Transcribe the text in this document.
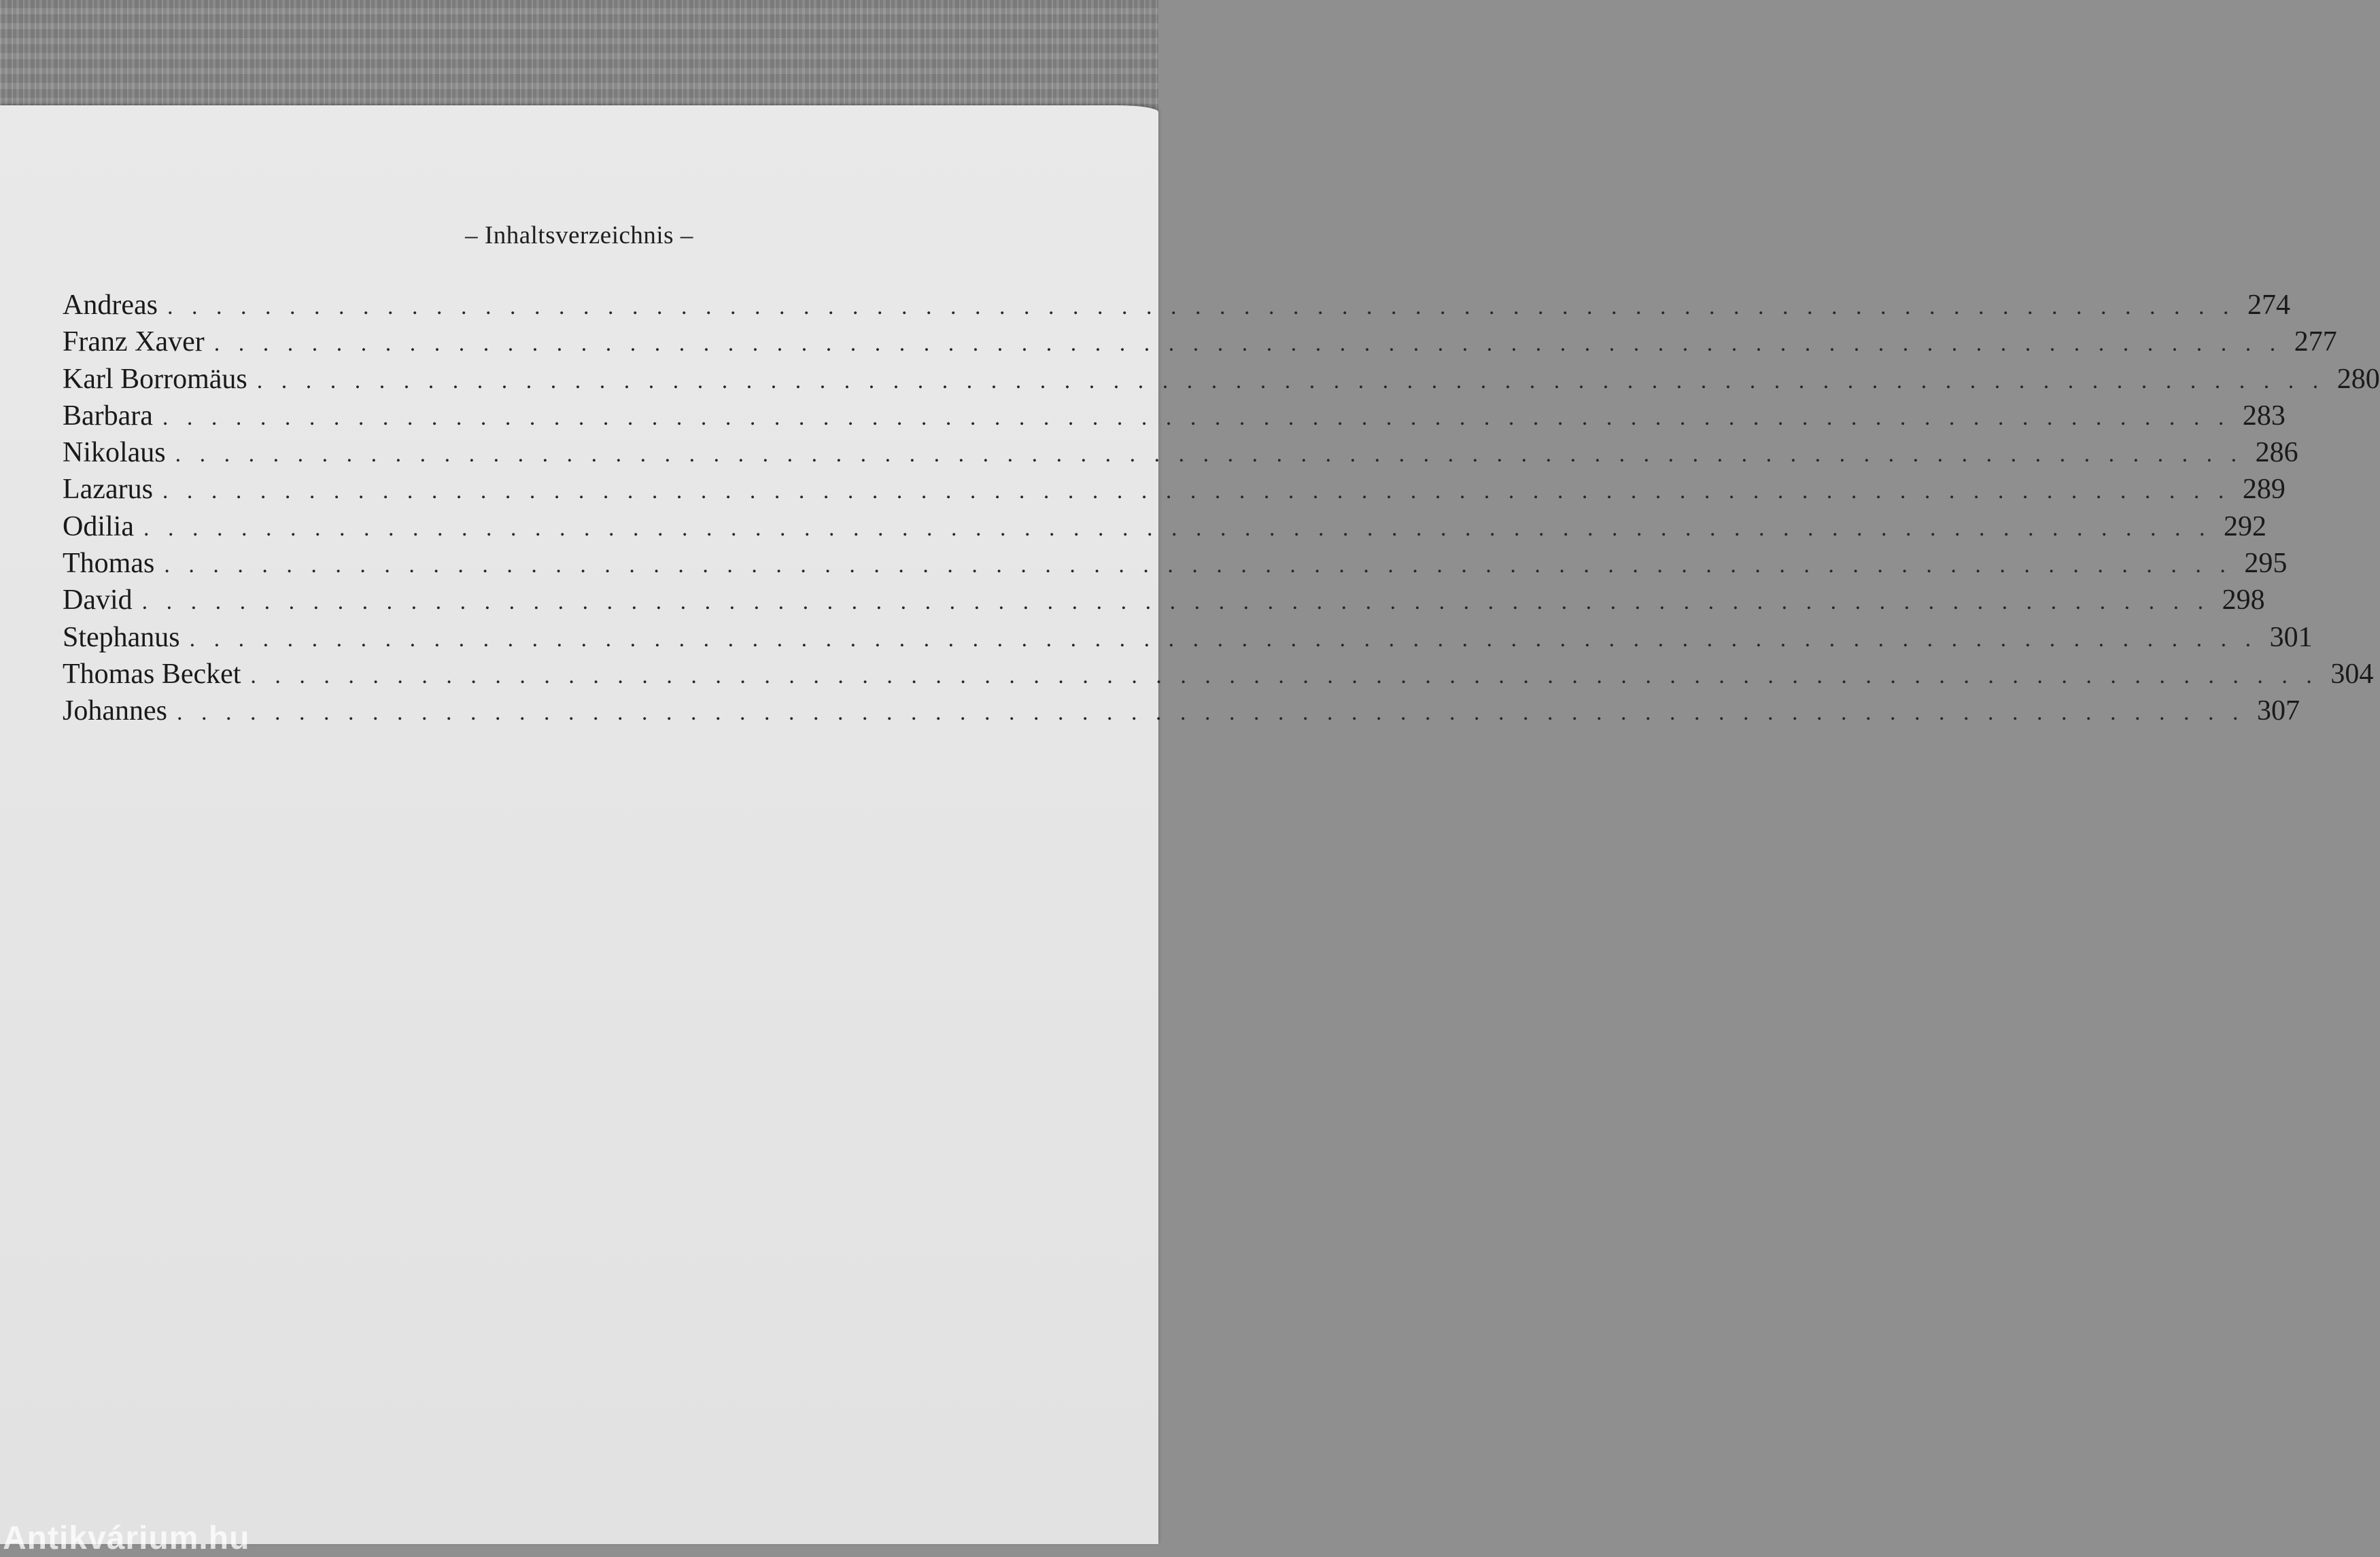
– Inhaltsverzeichnis –
Andreas . . . . . . . . . . . . . . . . . . . . . . . . . . . . . . . . . . . . . . . . . . . . . . . . . . . . . . . . . . . . . . . . . . . . . . . . . . . . . . . . . . . . . 274
Franz Xaver . . . . . . . . . . . . . . . . . . . . . . . . . . . . . . . . . . . . . . . . . . . . . . . . . . . . . . . . . . . . . . . . . . . . . . . . . . . . . . . . . . . . . 277
Karl Borromäus . . . . . . . . . . . . . . . . . . . . . . . . . . . . . . . . . . . . . . . . . . . . . . . . . . . . . . . . . . . . . . . . . . . . . . . . . . . . . . . . . . . . . 280
Barbara . . . . . . . . . . . . . . . . . . . . . . . . . . . . . . . . . . . . . . . . . . . . . . . . . . . . . . . . . . . . . . . . . . . . . . . . . . . . . . . . . . . . . 283
Nikolaus . . . . . . . . . . . . . . . . . . . . . . . . . . . . . . . . . . . . . . . . . . . . . . . . . . . . . . . . . . . . . . . . . . . . . . . . . . . . . . . . . . . . . 286
Lazarus . . . . . . . . . . . . . . . . . . . . . . . . . . . . . . . . . . . . . . . . . . . . . . . . . . . . . . . . . . . . . . . . . . . . . . . . . . . . . . . . . . . . . 289
Odilia . . . . . . . . . . . . . . . . . . . . . . . . . . . . . . . . . . . . . . . . . . . . . . . . . . . . . . . . . . . . . . . . . . . . . . . . . . . . . . . . . . . . . 292
Thomas . . . . . . . . . . . . . . . . . . . . . . . . . . . . . . . . . . . . . . . . . . . . . . . . . . . . . . . . . . . . . . . . . . . . . . . . . . . . . . . . . . . . . 295
David . . . . . . . . . . . . . . . . . . . . . . . . . . . . . . . . . . . . . . . . . . . . . . . . . . . . . . . . . . . . . . . . . . . . . . . . . . . . . . . . . . . . . 298
Stephanus . . . . . . . . . . . . . . . . . . . . . . . . . . . . . . . . . . . . . . . . . . . . . . . . . . . . . . . . . . . . . . . . . . . . . . . . . . . . . . . . . . . . . 301
Thomas Becket . . . . . . . . . . . . . . . . . . . . . . . . . . . . . . . . . . . . . . . . . . . . . . . . . . . . . . . . . . . . . . . . . . . . . . . . . . . . . . . . . . . . . 304
Johannes . . . . . . . . . . . . . . . . . . . . . . . . . . . . . . . . . . . . . . . . . . . . . . . . . . . . . . . . . . . . . . . . . . . . . . . . . . . . . . . . . . . . . 307
Antikvárium.hu
